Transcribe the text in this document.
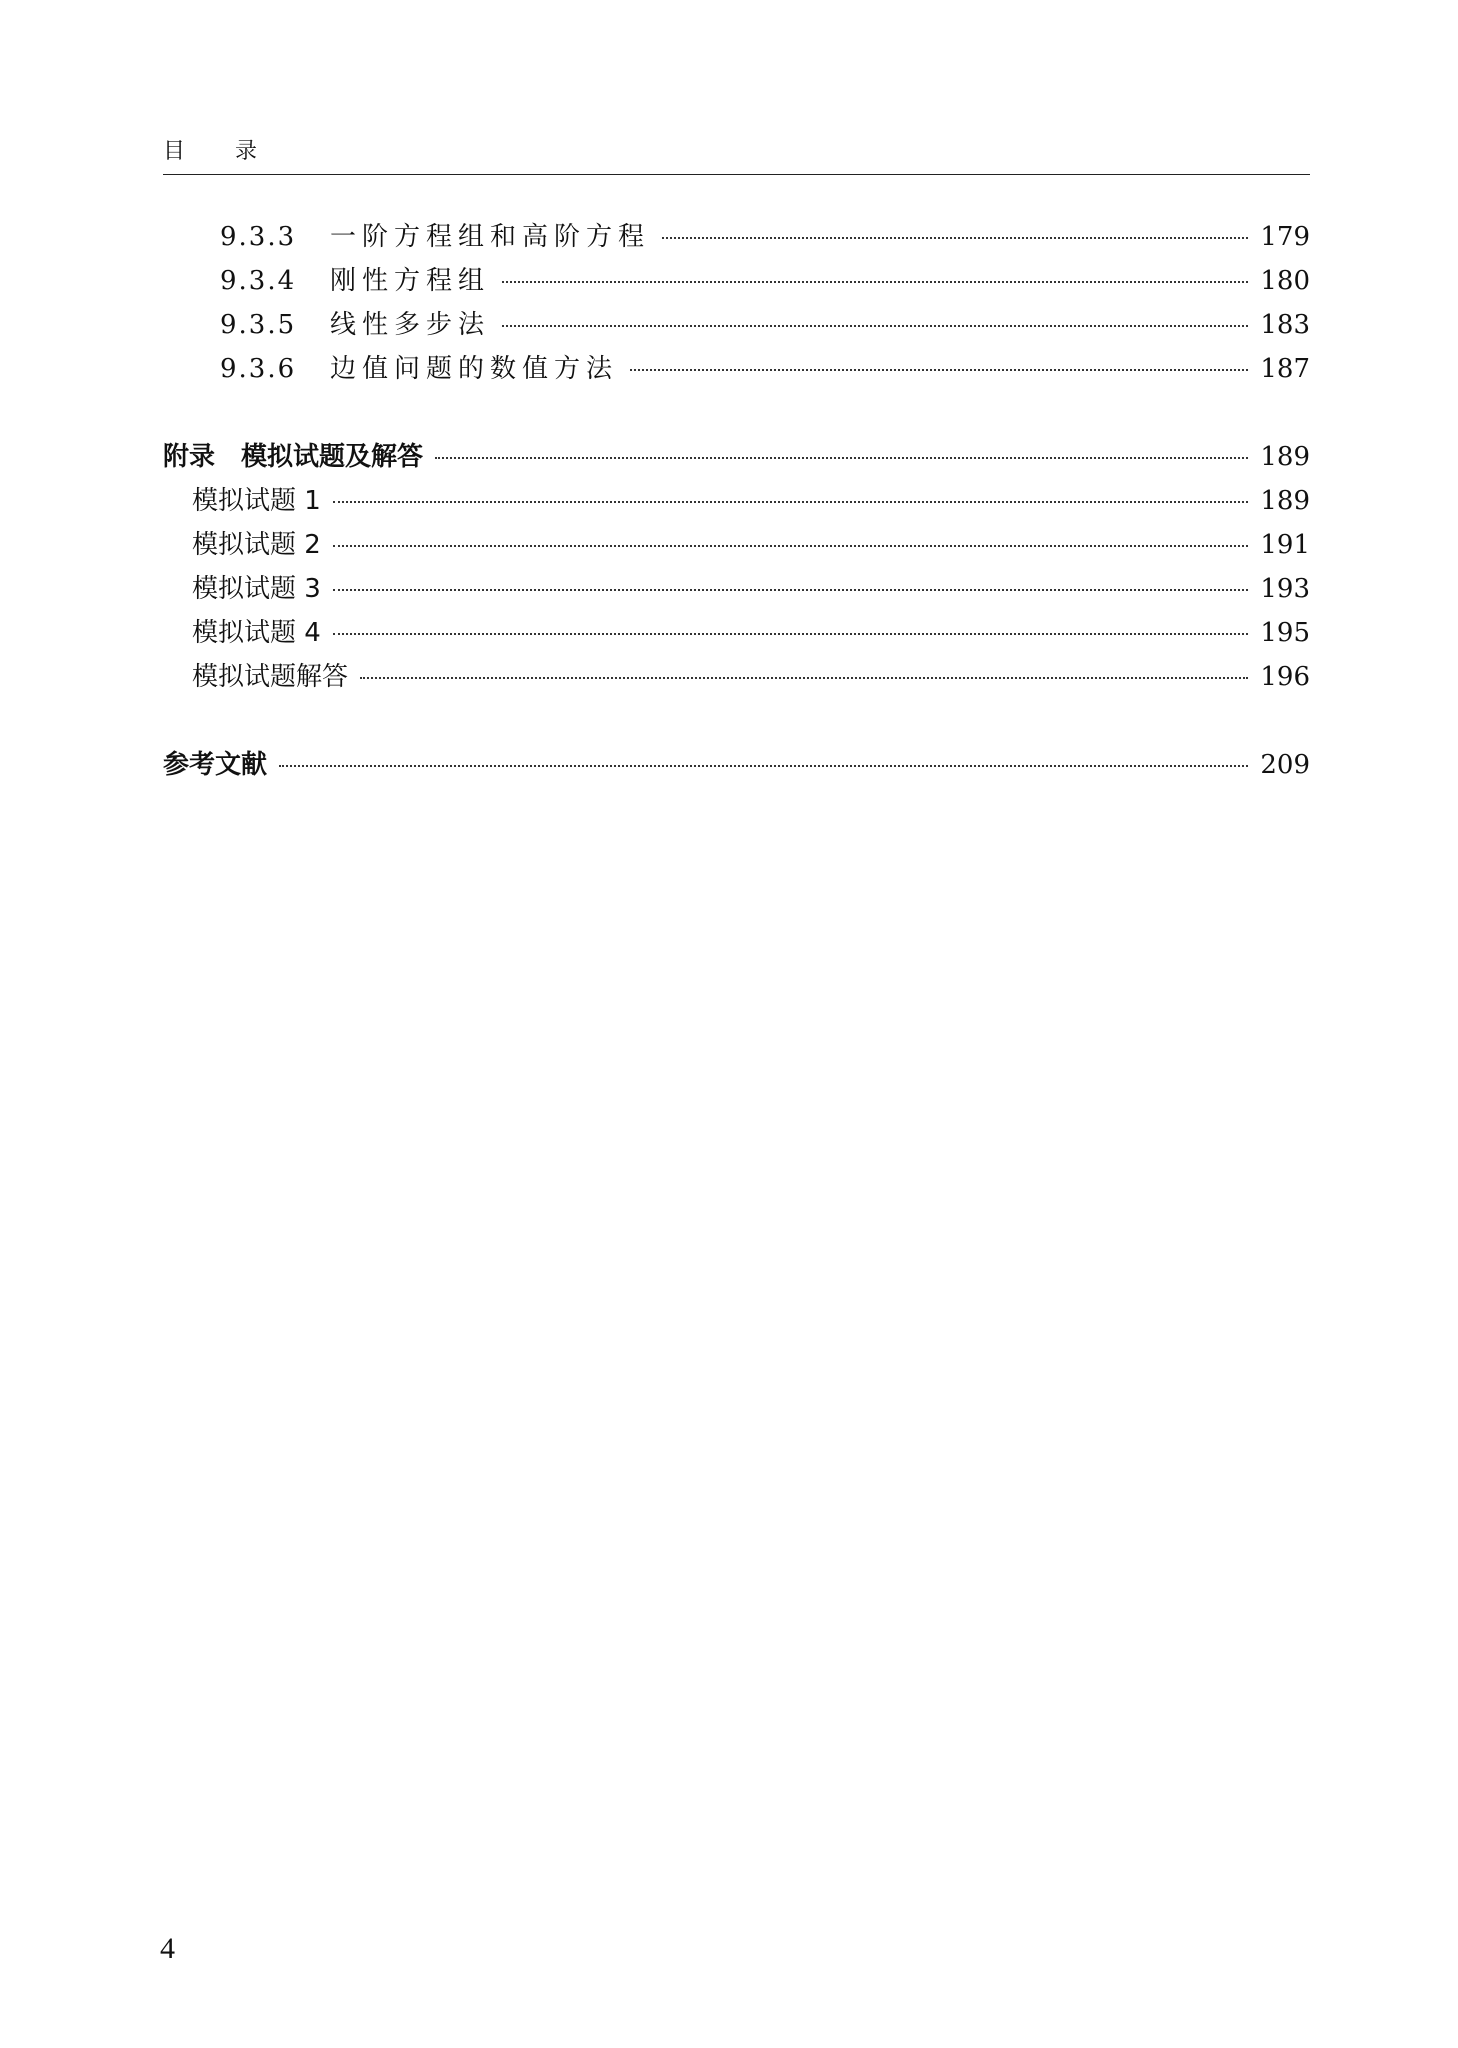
目录
9.3.3	一阶方程组和高阶方程	179
9.3.4	刚性方程组	180
9.3.5	线性多步法	183
9.3.6	边值问题的数值方法	187
附录　模拟试题及解答	189
模拟试题 1	189
模拟试题 2	191
模拟试题 3	193
模拟试题 4	195
模拟试题解答	196
参考文献	209
4
